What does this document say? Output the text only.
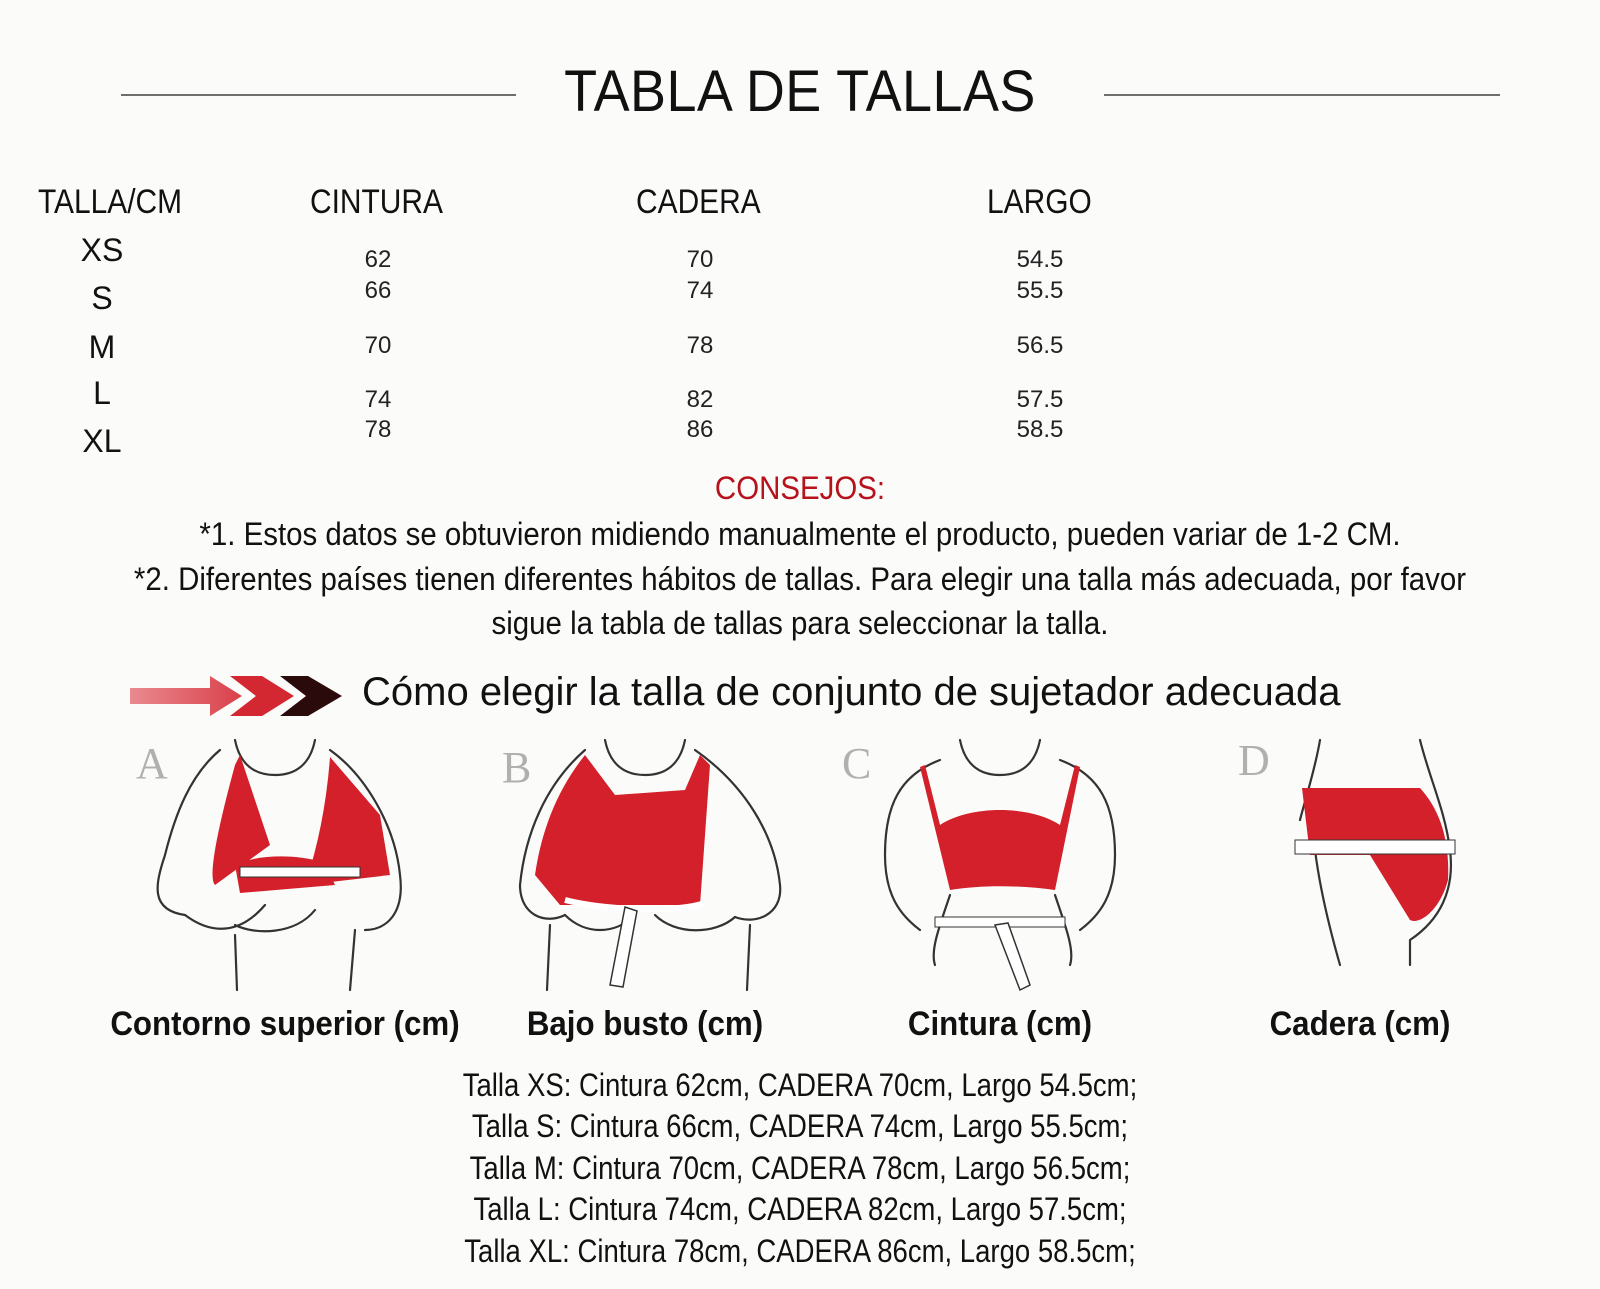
TABLA DE TALLAS
TALLA/CM	CINTURA	CADERA	LARGO
XS	62	70	54.5
S	66	74	55.5
M	70	78	56.5
L	74	82	57.5
XL	78	86	58.5
CONSEJOS:
*1. Estos datos se obtuvieron midiendo manualmente el producto, pueden variar de 1-2 CM.
*2. Diferentes países tienen diferentes hábitos de tallas. Para elegir una talla más adecuada, por favor
sigue la tabla de tallas para seleccionar la talla.
Cómo elegir la talla de conjunto de sujetador adecuada
A	B	C	D
Contorno superior (cm)	Bajo busto (cm)	Cintura (cm)	Cadera (cm)
Talla XS: Cintura 62cm, CADERA 70cm, Largo 54.5cm;
Talla S: Cintura 66cm, CADERA 74cm, Largo 55.5cm;
Talla M: Cintura 70cm, CADERA 78cm, Largo 56.5cm;
Talla L: Cintura 74cm, CADERA 82cm, Largo 57.5cm;
Talla XL: Cintura 78cm, CADERA 86cm, Largo 58.5cm;
